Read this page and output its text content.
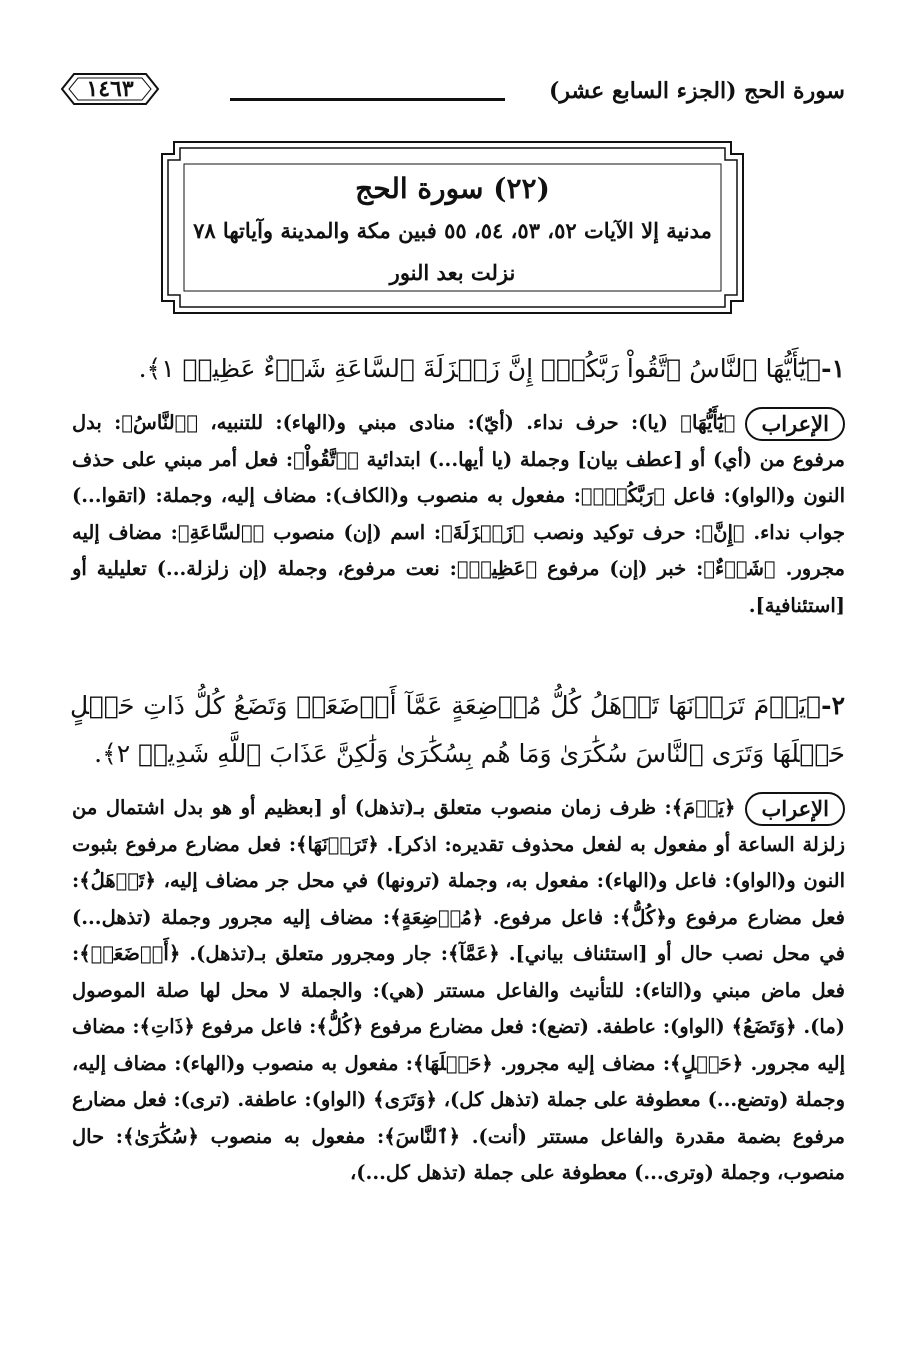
سورة الحج (الجزء السابع عشر)
١٤٦٣
(٢٢) سورة الحج
مدنية إلا الآيات ٥٢، ٥٣، ٥٤، ٥٥ فبين مكة والمدينة وآياتها ٧٨
نزلت بعد النور
١-﴿يَٰٓأَيُّهَا ٱلنَّاسُ ٱتَّقُواْ رَبَّكُمۡۚ إِنَّ زَلۡزَلَةَ ٱلسَّاعَةِ شَيۡءٌ عَظِيمٞ ١﴾.
الإعراب
﴿يَٰٓأَيُّهَا﴾ (يا): حرف نداء. (أيّ): منادى مبني و(الهاء): للتنبيه، ﴿ٱلنَّاسُ﴾: بدل مرفوع من (أي) أو [عطف بيان] وجملة (يا أيها...) ابتدائية ﴿ٱتَّقُواْ﴾: فعل أمر مبني على حذف النون و(الواو): فاعل ﴿رَبَّكُمۡۚ﴾: مفعول به منصوب و(الكاف): مضاف إليه، وجملة: (اتقوا...) جواب نداء. ﴿إِنَّ﴾: حرف توكيد ونصب ﴿زَلۡزَلَةَ﴾: اسم (إن) منصوب ﴿ٱلسَّاعَةِ﴾: مضاف إليه مجرور. ﴿شَيۡءٌ﴾: خبر (إن) مرفوع ﴿عَظِيمٞ﴾: نعت مرفوع، وجملة (إن زلزلة...) تعليلية أو [استئنافية].
٢-﴿يَوۡمَ تَرَوۡنَهَا تَذۡهَلُ كُلُّ مُرۡضِعَةٍ عَمَّآ أَرۡضَعَتۡ وَتَضَعُ كُلُّ ذَاتِ حَمۡلٍ حَمۡلَهَا وَتَرَى ٱلنَّاسَ سُكَٰرَىٰ وَمَا هُم بِسُكَٰرَىٰ وَلَٰكِنَّ عَذَابَ ٱللَّهِ شَدِيدٞ ٢﴾.
الإعراب
﴿يَوۡمَ﴾: ظرف زمان منصوب متعلق بـ(تذهل) أو [بعظيم أو هو بدل اشتمال من زلزلة الساعة أو مفعول به لفعل محذوف تقديره: اذكر]. ﴿تَرَوۡنَهَا﴾: فعل مضارع مرفوع بثبوت النون و(الواو): فاعل و(الهاء): مفعول به، وجملة (ترونها) في محل جر مضاف إليه، ﴿تَذۡهَلُ﴾: فعل مضارع مرفوع و﴿كُلُّ﴾: فاعل مرفوع. ﴿مُرۡضِعَةٍ﴾: مضاف إليه مجرور وجملة (تذهل...) في محل نصب حال أو [استئناف بياني]. ﴿عَمَّآ﴾: جار ومجرور متعلق بـ(تذهل). ﴿أَرۡضَعَتۡ﴾: فعل ماض مبني و(التاء): للتأنيث والفاعل مستتر (هي): والجملة لا محل لها صلة الموصول (ما). ﴿وَتَضَعُ﴾ (الواو): عاطفة. (تضع): فعل مضارع مرفوع ﴿كُلُّ﴾: فاعل مرفوع ﴿ذَاتِ﴾: مضاف إليه مجرور. ﴿حَمۡلٍ﴾: مضاف إليه مجرور. ﴿حَمۡلَهَا﴾: مفعول به منصوب و(الهاء): مضاف إليه، وجملة (وتضع...) معطوفة على جملة (تذهل كل)، ﴿وَتَرَى﴾ (الواو): عاطفة. (ترى): فعل مضارع مرفوع بضمة مقدرة والفاعل مستتر (أنت). ﴿ٱلنَّاسَ﴾: مفعول به منصوب ﴿سُكَٰرَىٰ﴾: حال منصوب، وجملة (وترى...) معطوفة على جملة (تذهل كل...)،
